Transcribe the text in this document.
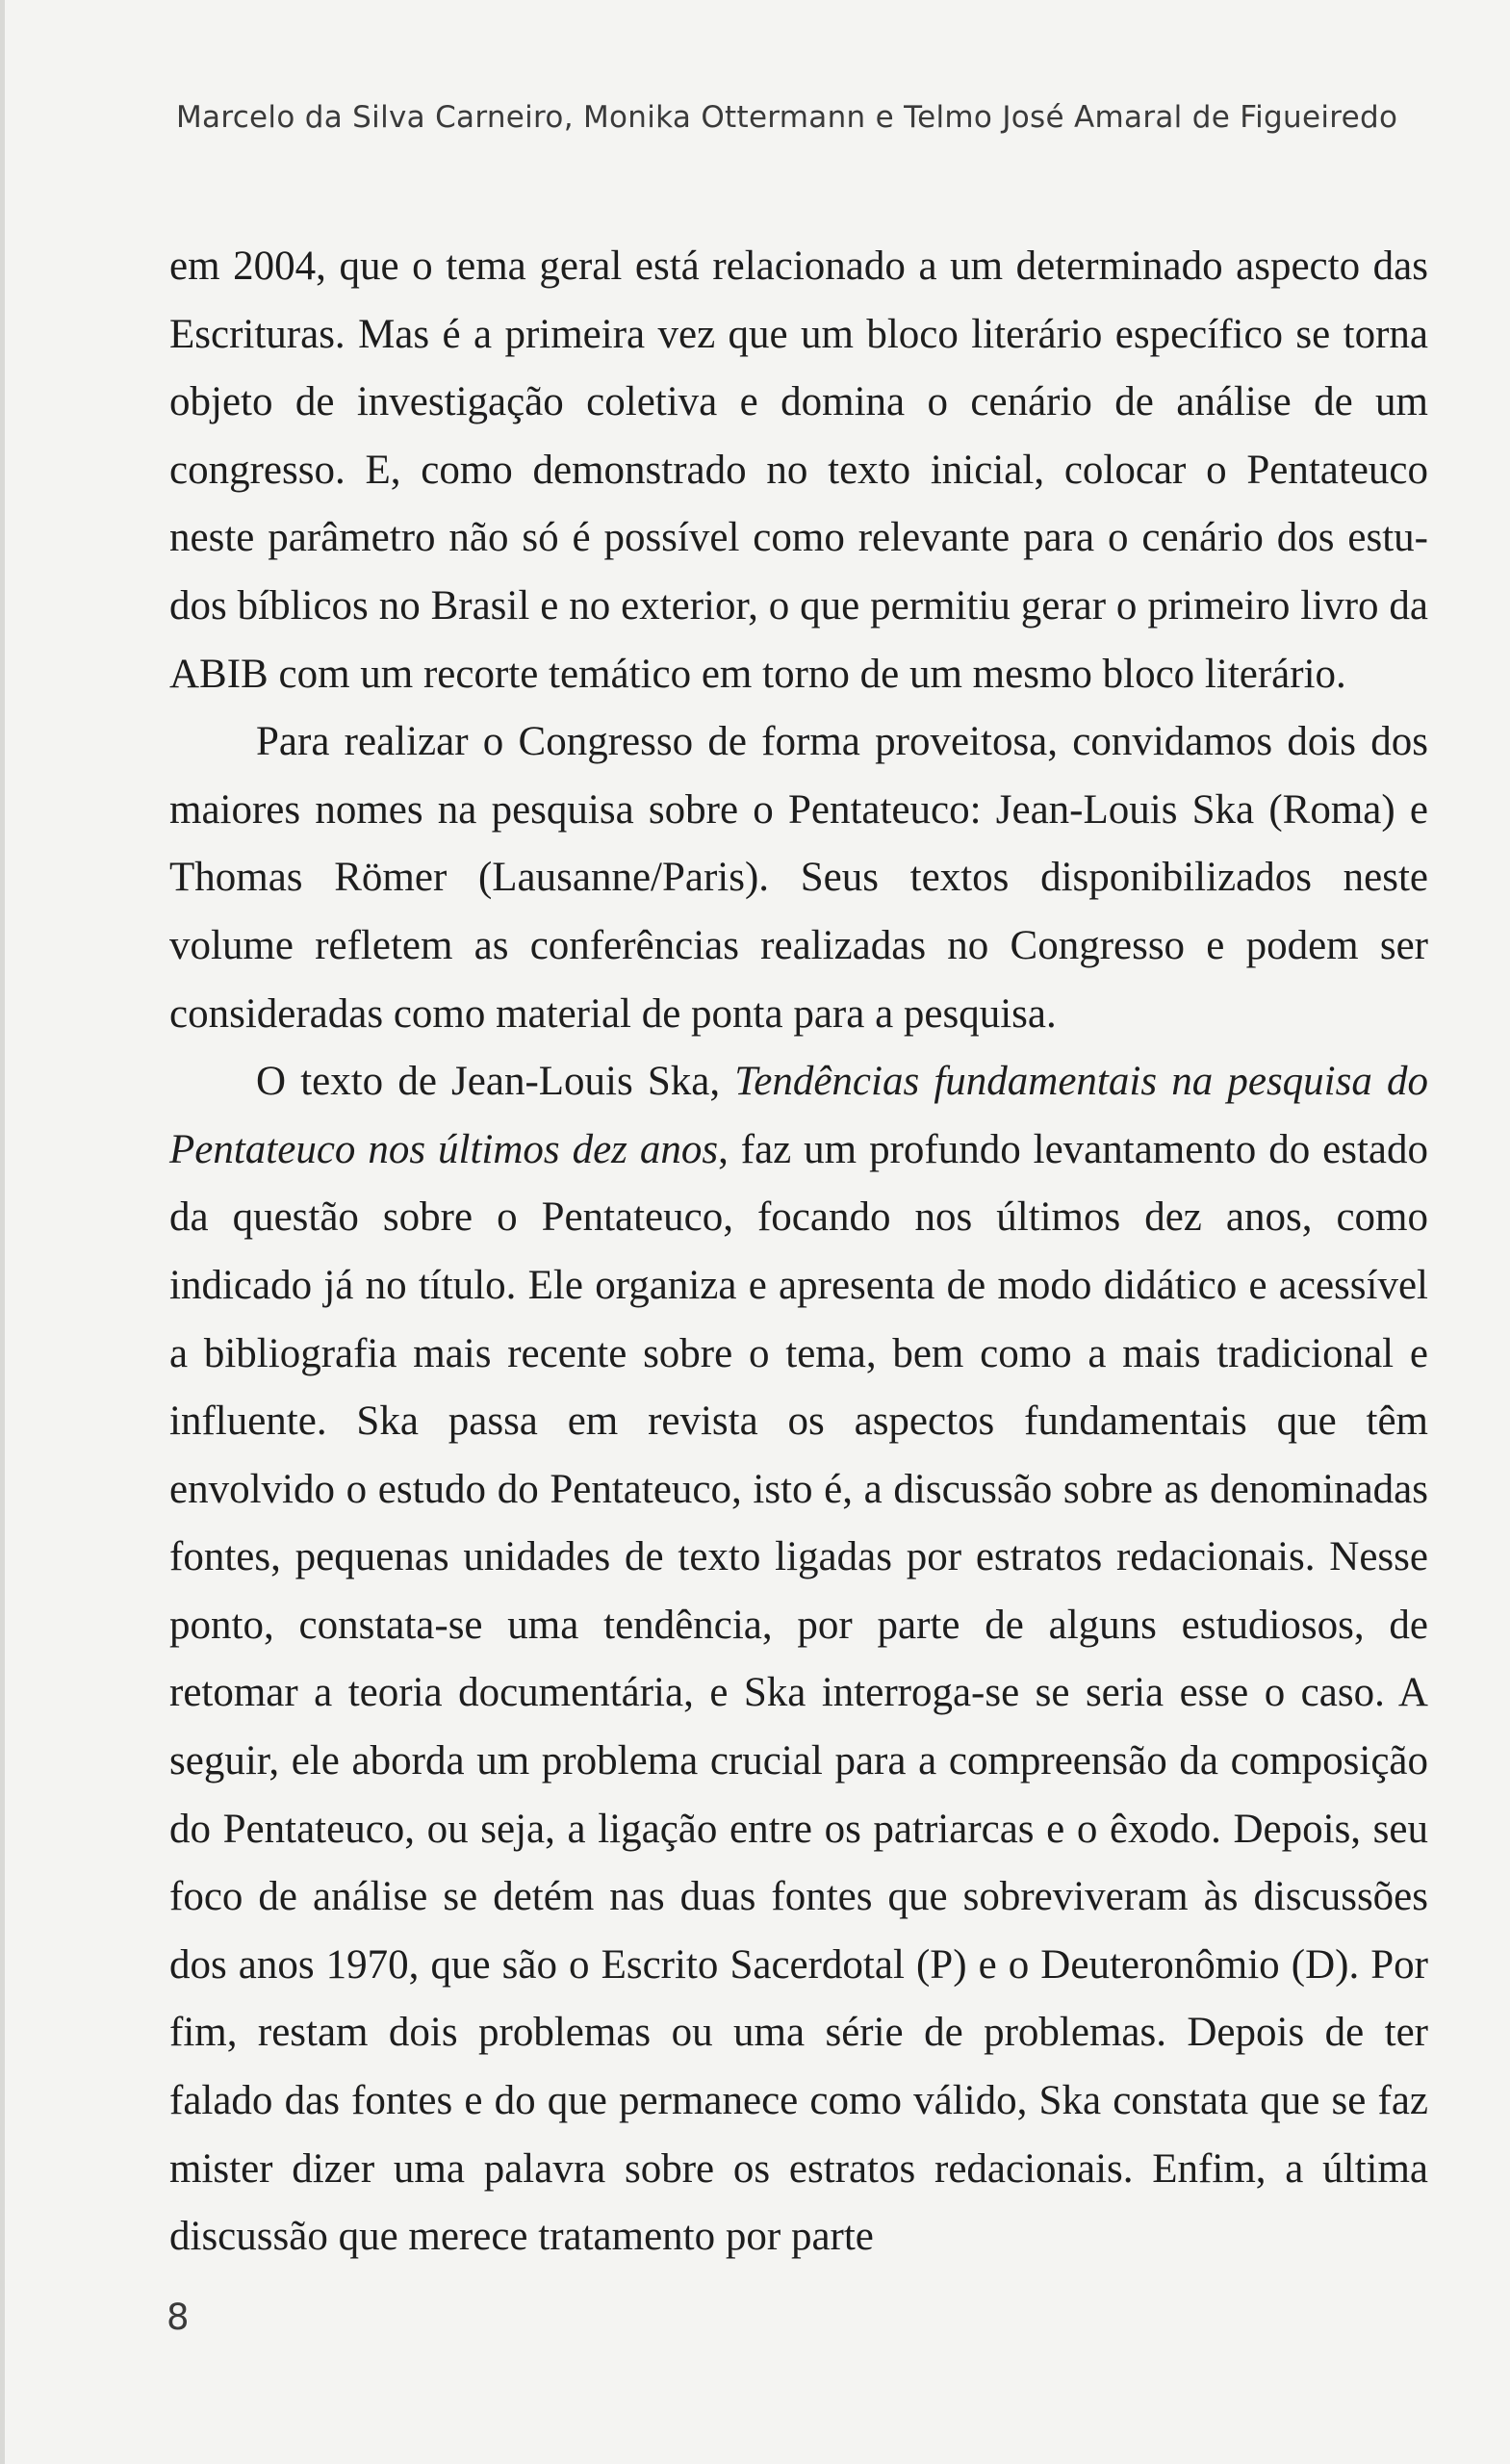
Marcelo da Silva Carneiro, Monika Ottermann e Telmo José Amaral de Figueiredo

em 2004, que o tema geral está relacionado a um determinado aspecto das Escrituras. Mas é a primeira vez que um bloco literário específico se torna objeto de investigação coletiva e domina o cenário de análise de um congresso. E, como demonstrado no texto inicial, colocar o Pentateuco neste parâmetro não só é possível como relevante para o cenário dos estudos bíblicos no Brasil e no exterior, o que permitiu gerar o primeiro livro da ABIB com um recorte temático em torno de um mesmo bloco literário.

Para realizar o Congresso de forma proveitosa, convidamos dois dos maiores nomes na pesquisa sobre o Pentateuco: Jean-Louis Ska (Roma) e Thomas Römer (Lausanne/Paris). Seus textos disponibilizados neste volume refletem as conferências realizadas no Congresso e podem ser consideradas como material de ponta para a pesquisa.

O texto de Jean-Louis Ska, Tendências fundamentais na pesquisa do Pentateuco nos últimos dez anos, faz um profundo levantamento do estado da questão sobre o Pentateuco, focando nos últimos dez anos, como indicado já no título. Ele organiza e apresenta de modo didático e acessível a bibliografia mais recente sobre o tema, bem como a mais tradicional e influente. Ska passa em revista os aspectos fundamentais que têm envolvido o estudo do Pentateuco, isto é, a discussão sobre as denominadas fontes, pequenas unidades de texto ligadas por estratos redacionais. Nesse ponto, constata-se uma tendência, por parte de alguns estudiosos, de retomar a teoria documentária, e Ska interroga-se se seria esse o caso. A seguir, ele aborda um problema crucial para a compreensão da composição do Pentateuco, ou seja, a ligação entre os patriarcas e o êxodo. Depois, seu foco de análise se detém nas duas fontes que sobreviveram às discussões dos anos 1970, que são o Escrito Sacerdotal (P) e o Deuteronômio (D). Por fim, restam dois problemas ou uma série de problemas. Depois de ter falado das fontes e do que permanece como válido, Ska constata que se faz mister dizer uma palavra sobre os estratos redacionais. Enfim, a última discussão que merece tratamento por parte

8
